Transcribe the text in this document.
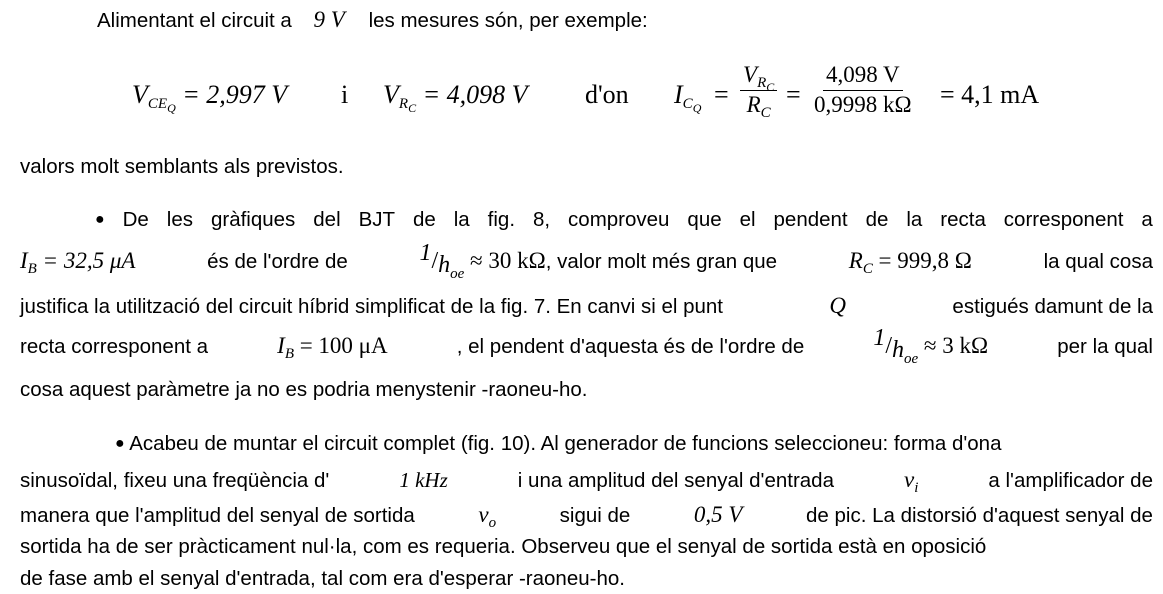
Alimentant el circuit a 9 V les mesures són, per exemple:
$V_{CE_Q} = 2,997$ V i $V_{R_C} = 4,098$ V d'on $I_{C_Q}$ =
$V_{R_C}$
$R_C$
= $\frac{4,098 V}{0,9998 k\Omega} = 4,1$ mA
valors molt semblants als previstos.
● De les gràfiques del BJT de la fig. 8, comproveu que el pendent de la recta corresponent a
$I_B = 32,5$ μA	és de l'ordre de	$1/h_{oe} \approx 30$ kΩ, valor molt més gran que	$R_C = 999,8$ Ω	la qual cosa
justifica la utilització del circuit híbrid simplificat de la fig. 7. En canvi si el punt	Q	estigués damunt de la
recta corresponent a	$I_B = 100$ μA	, el pendent d'aquesta és de l'ordre de	$1/h_{oe} \approx 3$ kΩ	per la qual
cosa aquest paràmetre ja no es podria menystenir -raoneu-ho.
● Acabeu de muntar el circuit complet (fig. 10). Al generador de funcions seleccioneu: forma d'ona
sinusoïdal, fixeu una freqüència d'	1 kHz	i una amplitud del senyal d'entrada	$v_i$	a l'amplificador de
manera que l'amplitud del senyal de sortida	$v_o$	sigui de	0,5 V	de pic. La distorsió d'aquest senyal de
sortida ha de ser pràcticament nul·la, com es requeria. Observeu que el senyal de sortida està en oposició
de fase amb el senyal d'entrada, tal com era d'esperar -raoneu-ho.
